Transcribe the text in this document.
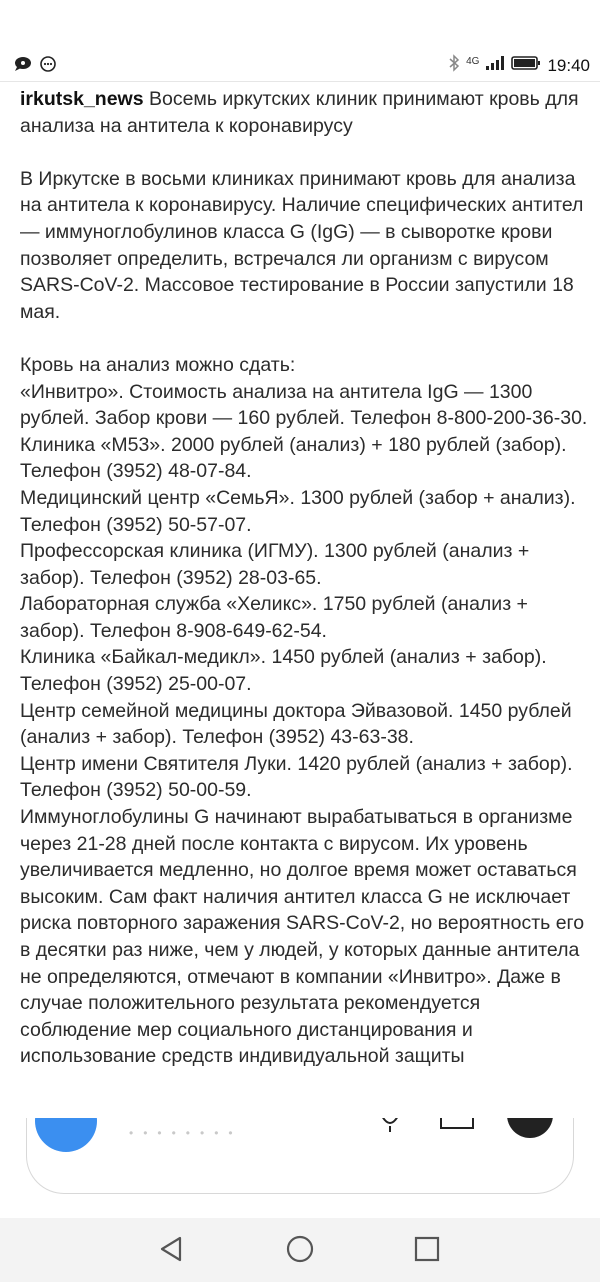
4G	19:40

irkutsk_news Восемь иркутских клиник принимают кровь для анализа на антитела к коронавирусу

В Иркутске в восьми клиниках принимают кровь для анализа на антитела к коронавирусу. Наличие специфических антител — иммуноглобулинов класса G (IgG) — в сыворотке крови позволяет определить, встречался ли организм с вирусом SARS-CoV-2. Массовое тестирование в России запустили 18 мая.

Кровь на анализ можно сдать:

«Инвитро». Стоимость анализа на антитела IgG — 1300 рублей. Забор крови — 160 рублей. Телефон 8-800-200-36-30.

Клиника «М53». 2000 рублей (анализ) + 180 рублей (забор). Телефон (3952) 48-07-84.

Медицинский центр «СемьЯ». 1300 рублей (забор + анализ). Телефон (3952) 50-57-07.

Профессорская клиника (ИГМУ). 1300 рублей (анализ + забор). Телефон (3952) 28-03-65.

Лабораторная служба «Хеликс». 1750 рублей (анализ + забор). Телефон 8-908-649-62-54.

Клиника «Байкал-медикл». 1450 рублей (анализ + забор). Телефон (3952) 25-00-07.

Центр семейной медицины доктора Эйвазовой. 1450 рублей (анализ + забор). Телефон (3952) 43-63-38.

Центр имени Святителя Луки. 1420 рублей (анализ + забор). Телефон (3952) 50-00-59.

Иммуноглобулины G начинают вырабатываться в организме через 21-28 дней после контакта с вирусом. Их уровень увеличивается медленно, но долгое время может оставаться высоким. Сам факт наличия антител класса G не исключает риска повторного заражения SARS-CoV-2, но вероятность его в десятки раз ниже, чем у людей, у которых данные антитела не определяются, отмечают в компании «Инвитро». Даже в случае положительного результата рекомендуется соблюдение мер социального дистанцирования и использование средств индивидуальной защиты

••••••••
